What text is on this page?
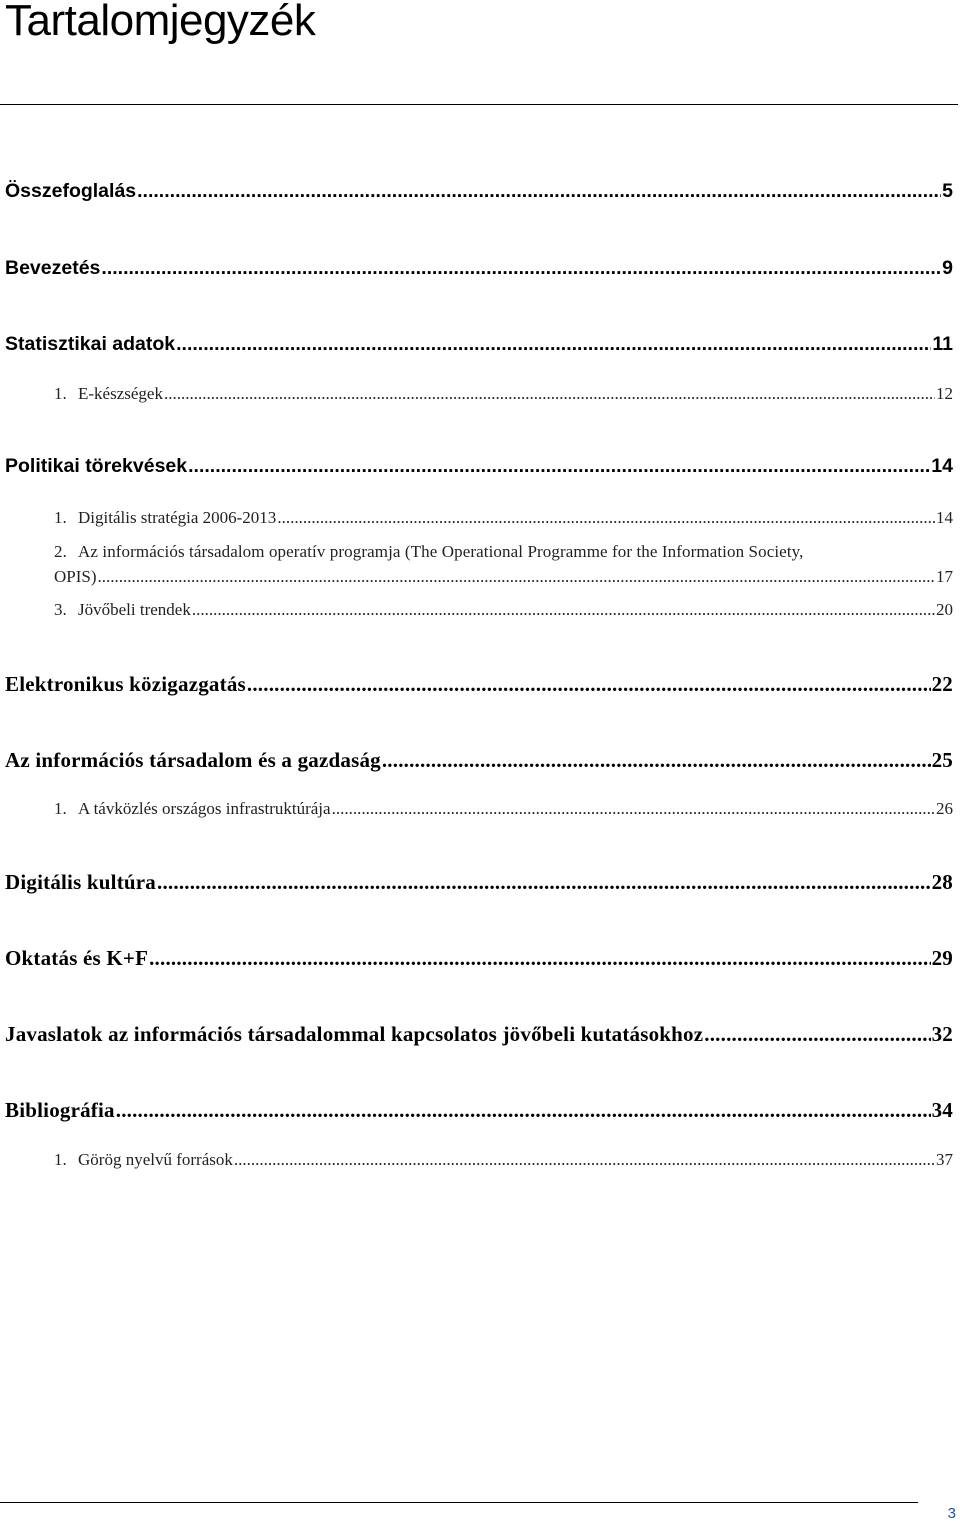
Tartalomjegyzék
Összefoglalás .....	5
Bevezetés .....	9
Statisztikai adatok .....	11
1. E-készségek .....	12
Politikai törekvések .....	14
1. Digitális stratégia 2006-2013 .....	14
2. Az információs társadalom operatív programja (The Operational Programme for the Information Society,
OPIS) .....	17
3. Jövőbeli trendek .....	20
Elektronikus közigazgatás .....	22
Az információs társadalom és a gazdaság .....	25
1. A távközlés országos infrastruktúrája .....	26
Digitális kultúra .....	28
Oktatás és K+F .....	29
Javaslatok az információs társadalommal kapcsolatos jövőbeli kutatásokhoz .....	32
Bibliográfia .....	34
1. Görög nyelvű források .....	37
3
